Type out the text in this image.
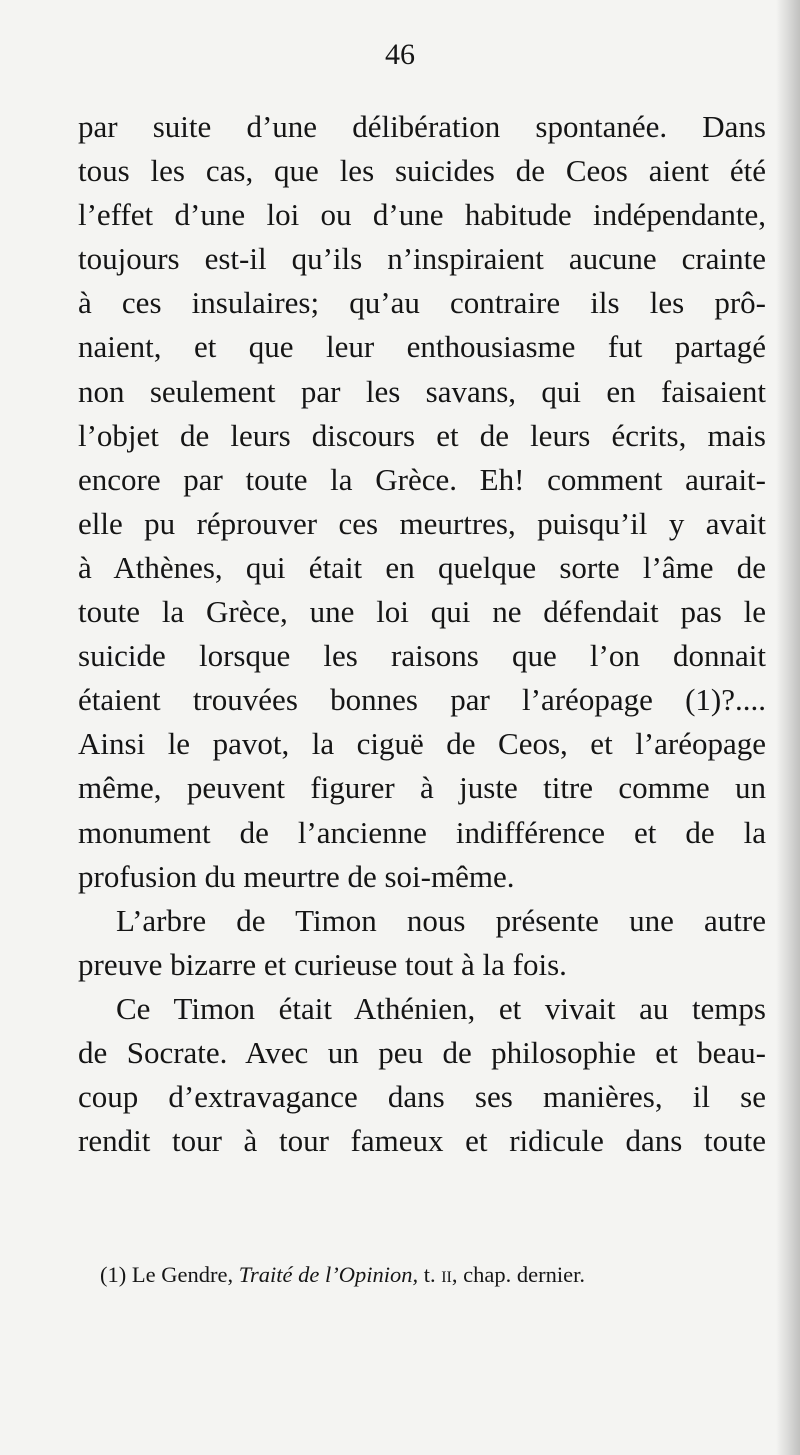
46
par suite d’une délibération spontanée. Dans
tous les cas, que les suicides de Ceos aient été
l’effet d’une loi ou d’une habitude indépendante,
toujours est-il qu’ils n’inspiraient aucune crainte
à ces insulaires; qu’au contraire ils les prô-
naient, et que leur enthousiasme fut partagé
non seulement par les savans, qui en faisaient
l’objet de leurs discours et de leurs écrits, mais
encore par toute la Grèce. Eh! comment aurait-
elle pu réprouver ces meurtres, puisqu’il y avait
à Athènes, qui était en quelque sorte l’âme de
toute la Grèce, une loi qui ne défendait pas le
suicide lorsque les raisons que l’on donnait
étaient trouvées bonnes par l’aréopage (1)?....
Ainsi le pavot, la ciguë de Ceos, et l’aréopage
même, peuvent figurer à juste titre comme un
monument de l’ancienne indifférence et de la
profusion du meurtre de soi-même.
L’arbre de Timon nous présente une autre
preuve bizarre et curieuse tout à la fois.
Ce Timon était Athénien, et vivait au temps
de Socrate. Avec un peu de philosophie et beau-
coup d’extravagance dans ses manières, il se
rendit tour à tour fameux et ridicule dans toute
(1) Le Gendre, Traité de l’Opinion, t. ii, chap. dernier.
